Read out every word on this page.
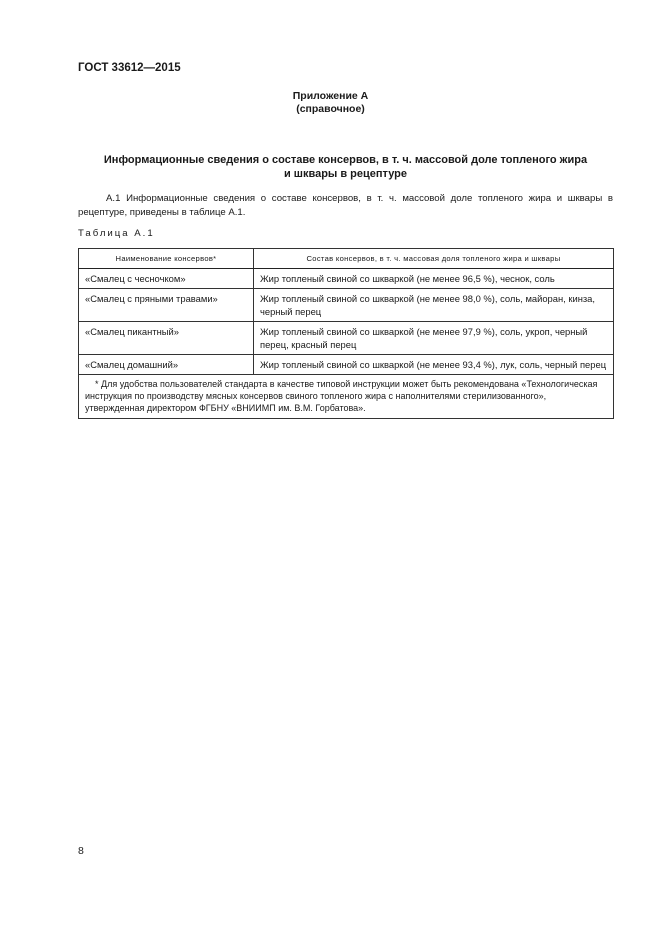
ГОСТ 33612—2015
Приложение А
(справочное)
Информационные сведения о составе консервов, в т. ч. массовой доле топленого жира
и шквары в рецептуре
А.1 Информационные сведения о составе консервов, в т. ч. массовой доле топленого жира и шквары в рецептуре, приведены в таблице А.1.
Таблица А.1
Наименование консервов*	Состав консервов, в т. ч. массовая доля топленого жира и шквары
«Смалец с чесночком»	Жир топленый свиной со шкваркой (не менее 96,5 %), чеснок, соль
«Смалец с пряными травами»	Жир топленый свиной со шкваркой (не менее 98,0 %), соль, майоран, кинза, черный перец
«Смалец пикантный»	Жир топленый свиной со шкваркой (не менее 97,9 %), соль, укроп, черный перец, красный перец
«Смалец домашний»	Жир топленый свиной со шкваркой (не менее 93,4 %), лук, соль, черный перец
* Для удобства пользователей стандарта в качестве типовой инструкции может быть рекомендована «Технологическая инструкция по производству мясных консервов свиного топленого жира с наполнителями стерилизованного», утвержденная директором ФГБНУ «ВНИИМП им. В.М. Горбатова».	
8
